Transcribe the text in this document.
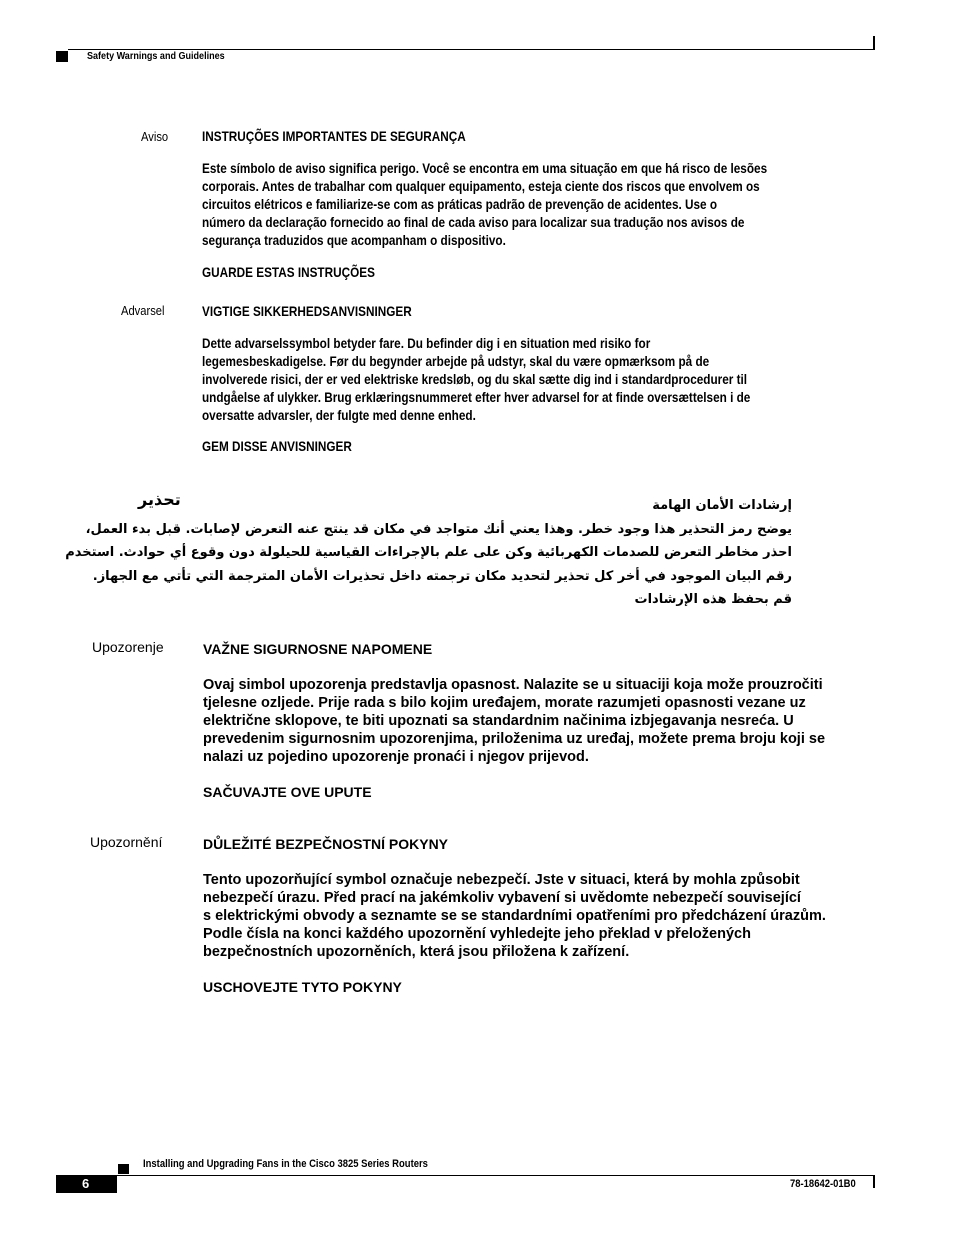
Safety Warnings and Guidelines
Aviso INSTRUÇÕES IMPORTANTES DE SEGURANÇA
Este símbolo de aviso significa perigo. Você se encontra em uma situação em que há risco de lesões
corporais. Antes de trabalhar com qualquer equipamento, esteja ciente dos riscos que envolvem os
circuitos elétricos e familiarize-se com as práticas padrão de prevenção de acidentes. Use o
número da declaração fornecido ao final de cada aviso para localizar sua tradução nos avisos de
segurança traduzidos que acompanham o dispositivo.
GUARDE ESTAS INSTRUÇÕES
Advarsel	VIGTIGE SIKKERHEDSANVISNINGER
Dette advarselssymbol betyder fare. Du befinder dig i en situation med risiko for
legemesbeskadigelse. Før du begynder arbejde på udstyr, skal du være opmærksom på de
involverede risici, der er ved elektriske kredsløb, og du skal sætte dig ind i standardprocedurer til
undgåelse af ulykker. Brug erklæringsnummeret efter hver advarsel for at finde oversættelsen i de
oversatte advarsler, der fulgte med denne enhed.
GEM DISSE ANVISNINGER
تحذير	إرشادات الأمان الهامة
يوضح رمز التحذير هذا وجود خطر. وهذا يعني أنك متواجد في مكان قد ينتج عنه التعرض لإصابات. قبل بدء العمل،
احذر مخاطر التعرض للصدمات الكهربائية وكن على علم بالإجراءات القياسية للحيلولة دون وقوع أي حوادث. استخدم
رقم البيان الموجود في أخر كل تحذير لتحديد مكان ترجمته داخل تحذيرات الأمان المترجمة التي تأتي مع الجهاز.
قم بحفظ هذه الإرشادات
Upozorenje	VAŽNE SIGURNOSNE NAPOMENE
Ovaj simbol upozorenja predstavlja opasnost. Nalazite se u situaciji koja može prouzročiti
tjelesne ozljede. Prije rada s bilo kojim uređajem, morate razumjeti opasnosti vezane uz
električne sklopove, te biti upoznati sa standardnim načinima izbjegavanja nesreća. U
prevedenim sigurnosnim upozorenjima, priloženima uz uređaj, možete prema broju koji se
nalazi uz pojedino upozorenje pronaći i njegov prijevod.
SAČUVAJTE OVE UPUTE
Upozornění	DŮLEŽITÉ BEZPEČNOSTNÍ POKYNY
Tento upozorňující symbol označuje nebezpečí. Jste v situaci, která by mohla způsobit
nebezpečí úrazu. Před prací na jakémkoliv vybavení si uvědomte nebezpečí související
s elektrickými obvody a seznamte se se standardními opatřeními pro předcházení úrazům.
Podle čísla na konci každého upozornění vyhledejte jeho překlad v přeložených
bezpečnostních upozorněních, která jsou přiložena k zařízení.
USCHOVEJTE TYTO POKYNY
Installing and Upgrading Fans in the Cisco 3825 Series Routers
6	78-18642-01B0
